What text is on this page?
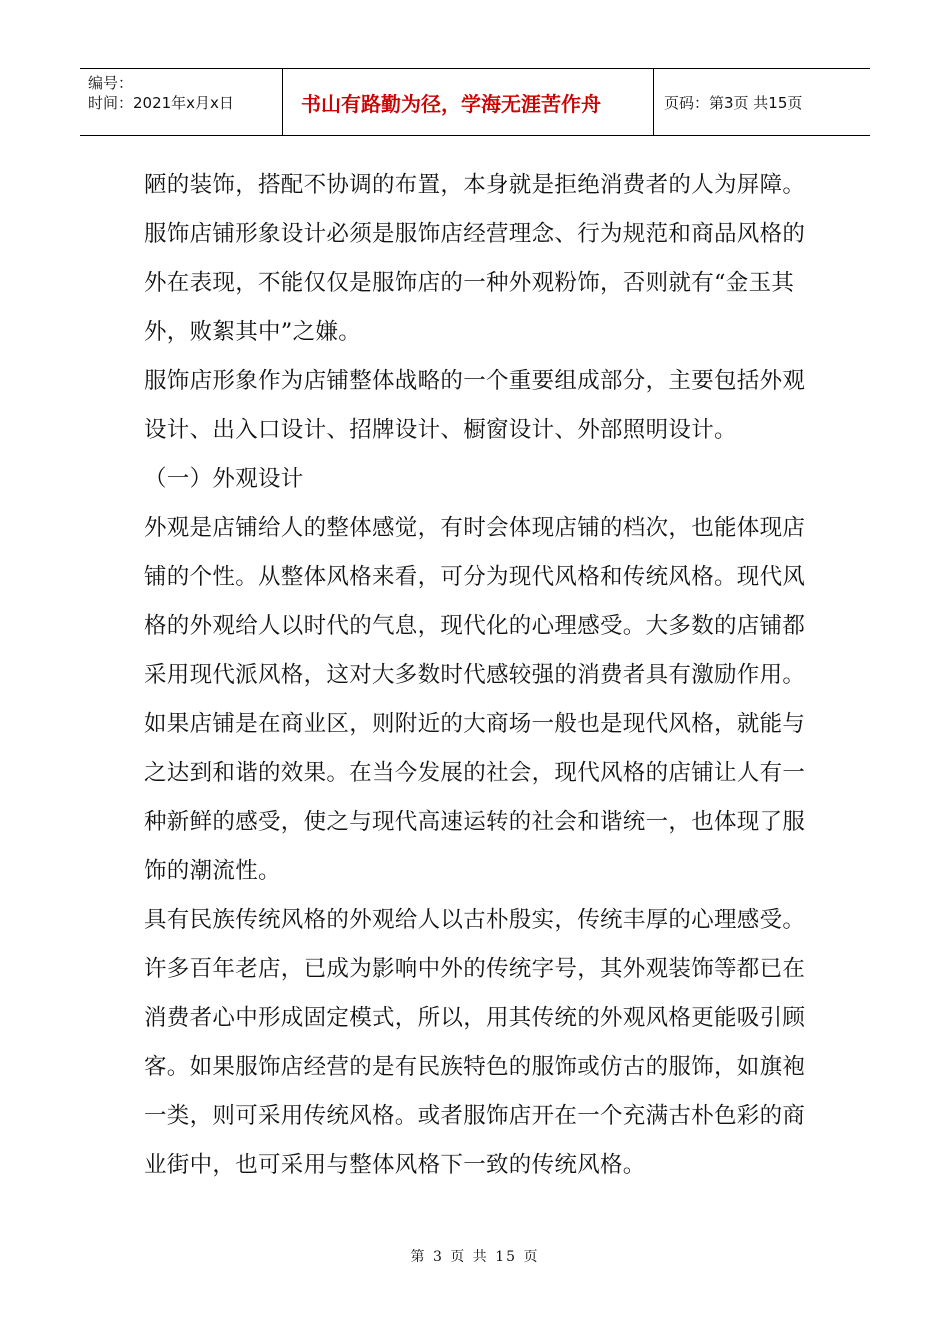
编号：
时间：2021年x月x日	书山有路勤为径，学海无涯苦作舟	页码：第3页 共15页
陋的装饰，搭配不协调的布置，本身就是拒绝消费者的人为屏障。
服饰店铺形象设计必须是服饰店经营理念、行为规范和商品风格的
外在表现，不能仅仅是服饰店的一种外观粉饰，否则就有“金玉其
外，败絮其中”之嫌。
服饰店形象作为店铺整体战略的一个重要组成部分，主要包括外观
设计、出入口设计、招牌设计、橱窗设计、外部照明设计。
（一）外观设计
外观是店铺给人的整体感觉，有时会体现店铺的档次，也能体现店
铺的个性。从整体风格来看，可分为现代风格和传统风格。现代风
格的外观给人以时代的气息，现代化的心理感受。大多数的店铺都
采用现代派风格，这对大多数时代感较强的消费者具有激励作用。
如果店铺是在商业区，则附近的大商场一般也是现代风格，就能与
之达到和谐的效果。在当今发展的社会，现代风格的店铺让人有一
种新鲜的感受，使之与现代高速运转的社会和谐统一，也体现了服
饰的潮流性。
具有民族传统风格的外观给人以古朴殷实，传统丰厚的心理感受。
许多百年老店，已成为影响中外的传统字号，其外观装饰等都已在
消费者心中形成固定模式，所以，用其传统的外观风格更能吸引顾
客。如果服饰店经营的是有民族特色的服饰或仿古的服饰，如旗袍
一类，则可采用传统风格。或者服饰店开在一个充满古朴色彩的商
业街中，也可采用与整体风格下一致的传统风格。
第 3 页 共 15 页
